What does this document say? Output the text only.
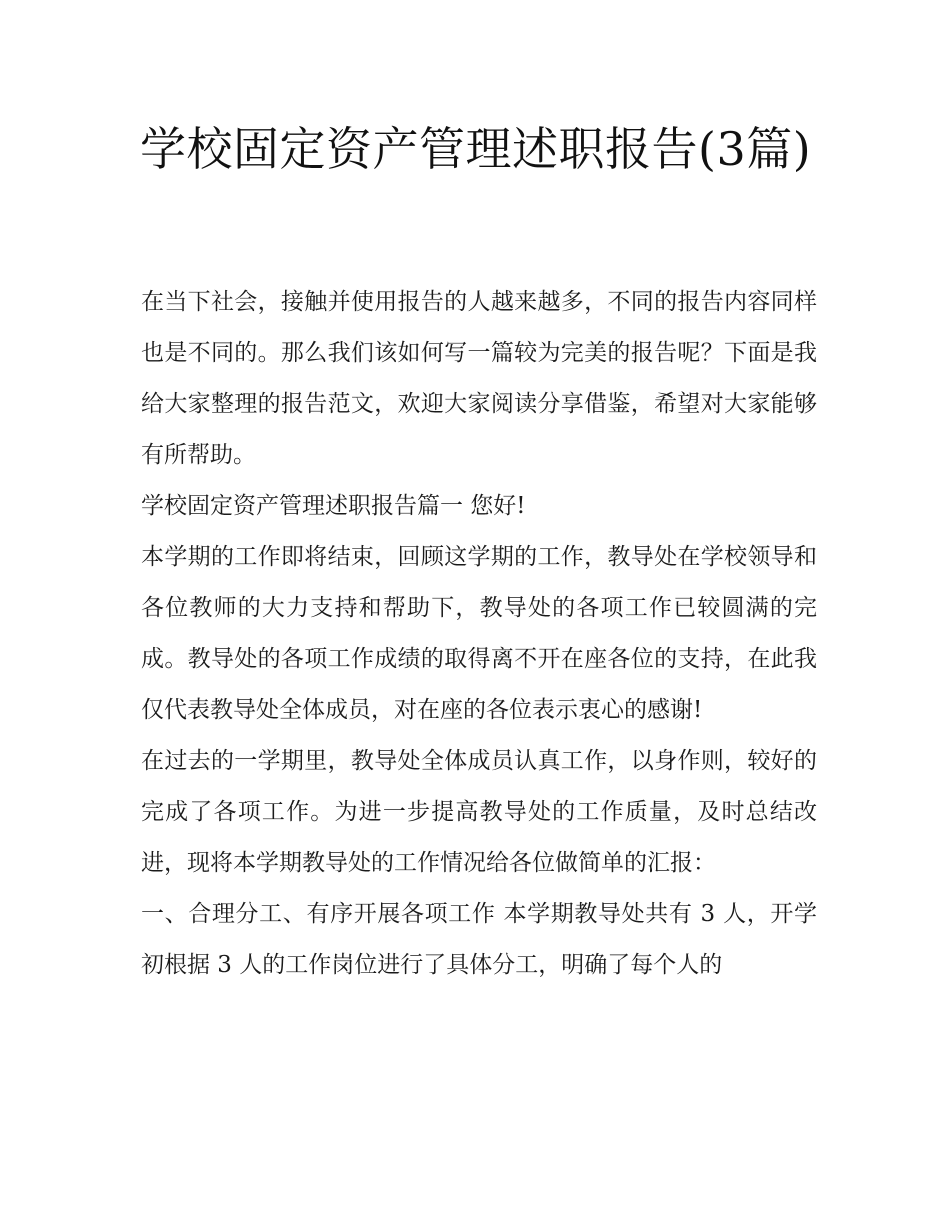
学校固定资产管理述职报告(3篇)

在当下社会，接触并使用报告的人越来越多，不同的报告内容同样也是不同的。那么我们该如何写一篇较为完美的报告呢？下面是我给大家整理的报告范文，欢迎大家阅读分享借鉴，希望对大家能够有所帮助。

学校固定资产管理述职报告篇一 您好!

本学期的工作即将结束，回顾这学期的工作，教导处在学校领导和各位教师的大力支持和帮助下，教导处的各项工作已较圆满的完成。教导处的各项工作成绩的取得离不开在座各位的支持，在此我仅代表教导处全体成员，对在座的各位表示衷心的感谢!

在过去的一学期里，教导处全体成员认真工作，以身作则，较好的完成了各项工作。为进一步提高教导处的工作质量，及时总结改进，现将本学期教导处的工作情况给各位做简单的汇报：

一、合理分工、有序开展各项工作 本学期教导处共有 3 人，开学初根据 3 人的工作岗位进行了具体分工，明确了每个人的
